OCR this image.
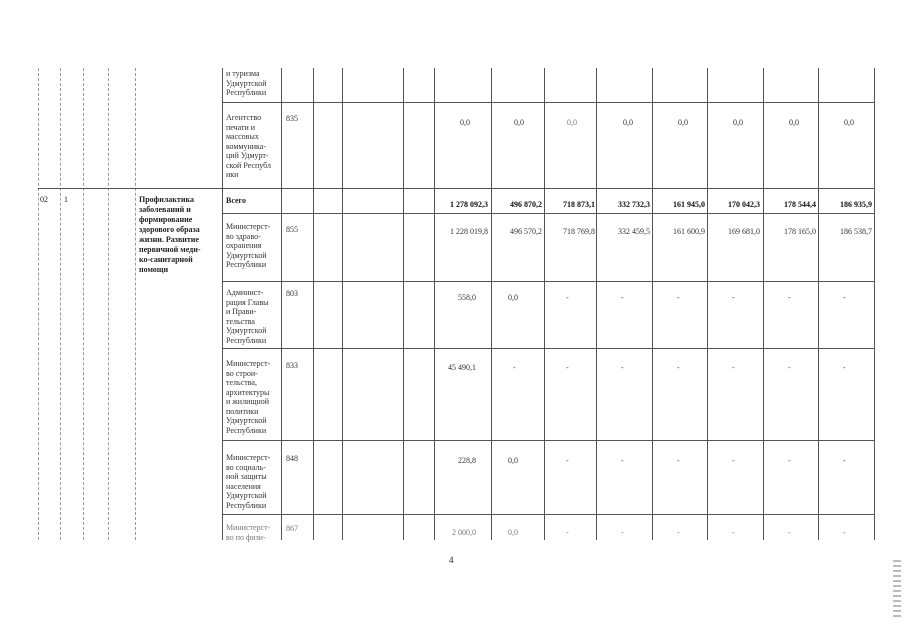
и туризма
Удмуртской
Республики
Агентство
печати и
массовых
коммуника-
ций Удмурт-
ской Республ
ики
835	0,0	0,0	0,0	0,0	0,0	0,0	0,0	0,0
02 1	Профилактика
заболеваний и
формирование
здорового образа
жизни. Развитие
первичной меди-
ко-санитарной
помощи
Всего	1 278 092,3	496 870,2	718 873,1	332 732,3	161 945,0	170 042,3	178 544,4	186 935,9
Министерст-
во здраво-
охранения
Удмуртской
Республики
855	1 228 019,8	496 570,2	718 769,8	332 459,5	161 600,9	169 681,0	178 165,0	186 538,7
Админист-
рация Главы
и Прави-
тельства
Удмуртской
Республики
803	558,0	0,0	-	-	-	-	-	-
Министерст-
во строи-
тельства,
архитектуры
и жилищной
политики
Удмуртской
Республики
833	45 490,1	-	-	-	-	-	-	-
Министерст-
во социаль-
ной защиты
населения
Удмуртской
Республики
848	228,8	0,0	-	-	-	-	-	-
Министерст-
во по физи-
867	2 000,0	0,0	-	-	-	-	-	-
4
